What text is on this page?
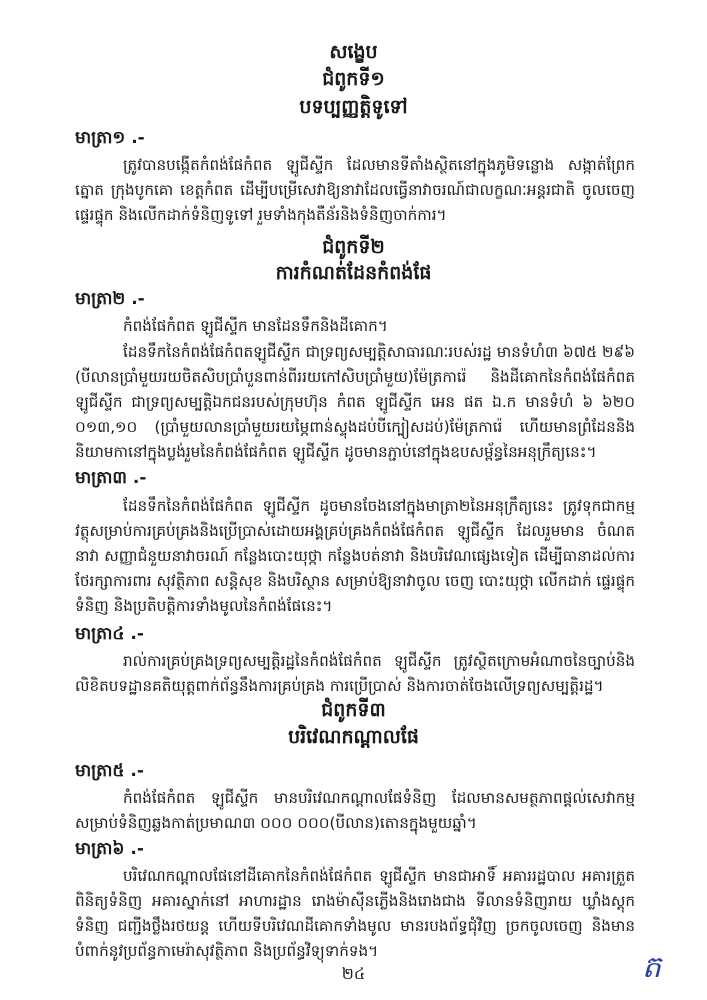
សង្ខេប
ជំពូកទី១
បទប្បញ្ញត្តិទូទៅ
មាត្រា១ .-
ត្រូវបានបង្កើតកំពង់ផែកំពត ឡូជីស្ទីក ដែលមានទីតាំងស្ថិតនៅក្នុងភូមិទន្លោង សង្កាត់ព្រែកត្នោត ក្រុងបូកគោ ខេត្តកំពត ដើម្បីបម្រើសេវាឱ្យនាវាដែលធ្វើនាវាចរណ៍ជាលក្ខណៈអន្តរជាតិ ចូលចេញ ផ្ទេរផ្ទុក និងលើកដាក់ទំនិញទូទៅ រួមទាំងកុងតឺន័រនិងទំនិញចាក់ការ។
ជំពូកទី២
ការកំណត់ដែនកំពង់ផែ
មាត្រា២ .-
កំពង់ផែកំពត ឡូជីស្ទីក មានដែនទឹកនិងដីគោក។
ដែនទឹកនៃកំពង់ផែកំពតឡូជីស្ទីក ជាទ្រព្យសម្បត្តិសាធារណៈរបស់រដ្ឋ មានទំហំ៣ ៦៧៥ ២៩៦ (បីលានប្រាំមួយរយចិតសិបប្រាំបួនពាន់ពីររយកៅសិបប្រាំមួយ)ម៉ែត្រការ៉េ និងដីគោកនៃកំពង់ផែកំពត ឡូជីស្ទីក ជាទ្រព្យសម្បត្តិឯកជនរបស់ក្រុមហ៊ុន កំពត ឡូជីស្ទីក អេន ផត ឯ.ក មានទំហំ ៦ ៦២០ ០១៣,១០ (ប្រាំមួយលានប្រាំមួយរយម្ភៃពាន់ស្ទុងដប់បីក្បៀសដប់)ម៉ែត្រការ៉េ ហើយមានព្រំដែននិងនិយាមកានៅក្នុងប្លង់រួមនៃកំពង់ផែកំពត ឡូជីស្ទីក ដូចមានភ្ជាប់នៅក្នុងឧបសម្ព័ន្ធនៃអនុក្រឹត្យនេះ។
មាត្រា៣ .-
ដែនទឹកនៃកំពង់ផែកំពត ឡូជីស្ទីក ដូចមានចែងនៅក្នុងមាត្រា២នៃអនុក្រឹត្យនេះ ត្រូវទុកជាកម្មវត្ថុសម្រាប់ការគ្រប់គ្រងនិងប្រើប្រាស់ដោយអង្គគ្រប់គ្រងកំពង់ផែកំពត ឡូជីស្ទីក ដែលរួមមាន ចំណតនាវា សញ្ញាជំនួយនាវាចរណ៍ កន្លែងបោះយុថ្កា កន្លែងបត់នាវា និងបរិវេណផ្សេងទៀត ដើម្បីធានាដល់ការថែរក្សាការពារ សុវត្ថិភាព សន្តិសុខ និងបរិស្ថាន សម្រាប់ឱ្យនាវាចូល ចេញ បោះយុថ្កា លើកដាក់ ផ្ទេរផ្ទុកទំនិញ និងប្រតិបត្តិការទាំងមូលនៃកំពង់ផែនេះ។
មាត្រា៤ .-
រាល់ការគ្រប់គ្រងទ្រព្យសម្បត្តិរដ្ឋនៃកំពង់ផែកំពត ឡូជីស្ទីក ត្រូវស្ថិតក្រោមអំណាចនៃច្បាប់និងលិខិតបទដ្ឋានគតិយុត្តពាក់ព័ន្ធនឹងការគ្រប់គ្រង ការប្រើប្រាស់ និងការចាត់ចែងលើទ្រព្យសម្បត្តិរដ្ឋ។
ជំពូកទី៣
បរិវេណកណ្តាលផែ
មាត្រា៥ .-
កំពង់ផែកំពត ឡូជីស្ទីក មានបរិវេណកណ្តាលផែទំនិញ ដែលមានសមត្ថភាពផ្តល់សេវាកម្មសម្រាប់ទំនិញឆ្លងកាត់ប្រមាណ៣ ០០០ ០០០(បីលាន)តោនក្នុងមួយឆ្នាំ។
មាត្រា៦ .-
បរិវេណកណ្តាលផែនៅដីគោកនៃកំពង់ផែកំពត ឡូជីស្ទីក មានជាអាទិ៍ អគាររដ្ឋបាល អគារត្រួតពិនិត្យទំនិញ អគារស្នាក់នៅ អាហារដ្ឋាន រោងម៉ាស៊ីនភ្លើងនិងរោងជាង ទីលានទំនិញរាយ ឃ្លាំងស្តុកទំនិញ ជញ្ជីងថ្លឹងរថយន្ត ហើយទីបរិវេណដីគោកទាំងមូល មានរបងព័ទ្ធជុំវិញ ច្រកចូលចេញ និងមានបំពាក់នូវប្រព័ន្ធកាមេរ៉ាសុវត្ថិភាព និងប្រព័ន្ធវិទ្យុទាក់ទង។
២៤	ត
